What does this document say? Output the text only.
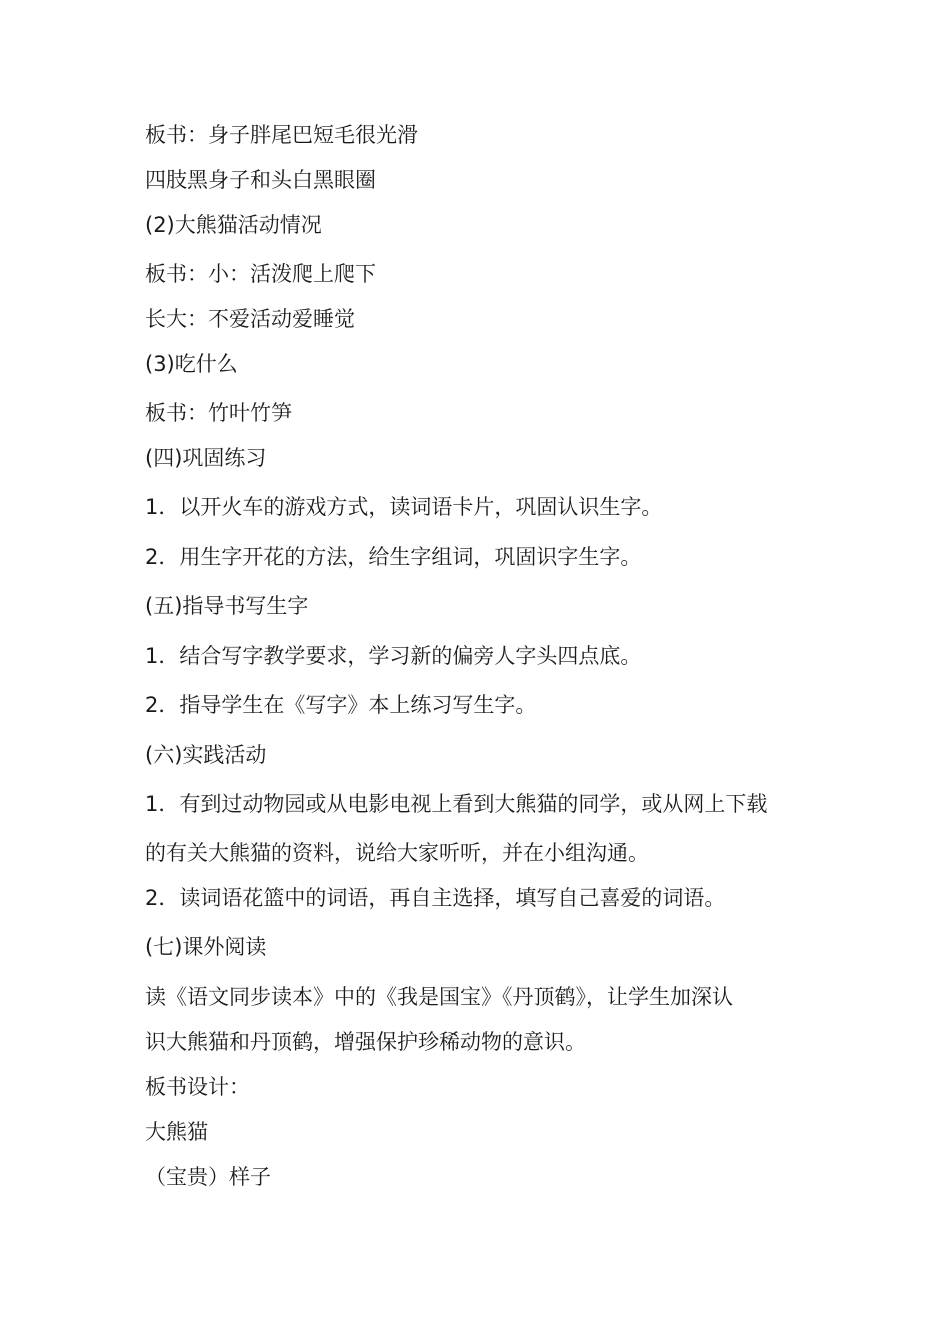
板书：身子胖尾巴短毛很光滑

四肢黑身子和头白黑眼圈

(2)大熊猫活动情况

板书：小：活泼爬上爬下

长大：不爱活动爱睡觉

(3)吃什么

板书：竹叶竹笋

(四)巩固练习

1．以开火车的游戏方式，读词语卡片，巩固认识生字。

2．用生字开花的方法，给生字组词，巩固识字生字。

(五)指导书写生字

1．结合写字教学要求，学习新的偏旁人字头四点底。

2．指导学生在《写字》本上练习写生字。

(六)实践活动

1．有到过动物园或从电影电视上看到大熊猫的同学，或从网上下载

的有关大熊猫的资料，说给大家听听，并在小组沟通。

2．读词语花篮中的词语，再自主选择，填写自己喜爱的词语。

(七)课外阅读

读《语文同步读本》中的《我是国宝》《丹顶鹤》，让学生加深认

识大熊猫和丹顶鹤，增强保护珍稀动物的意识。

板书设计：

大熊猫

（宝贵）样子
